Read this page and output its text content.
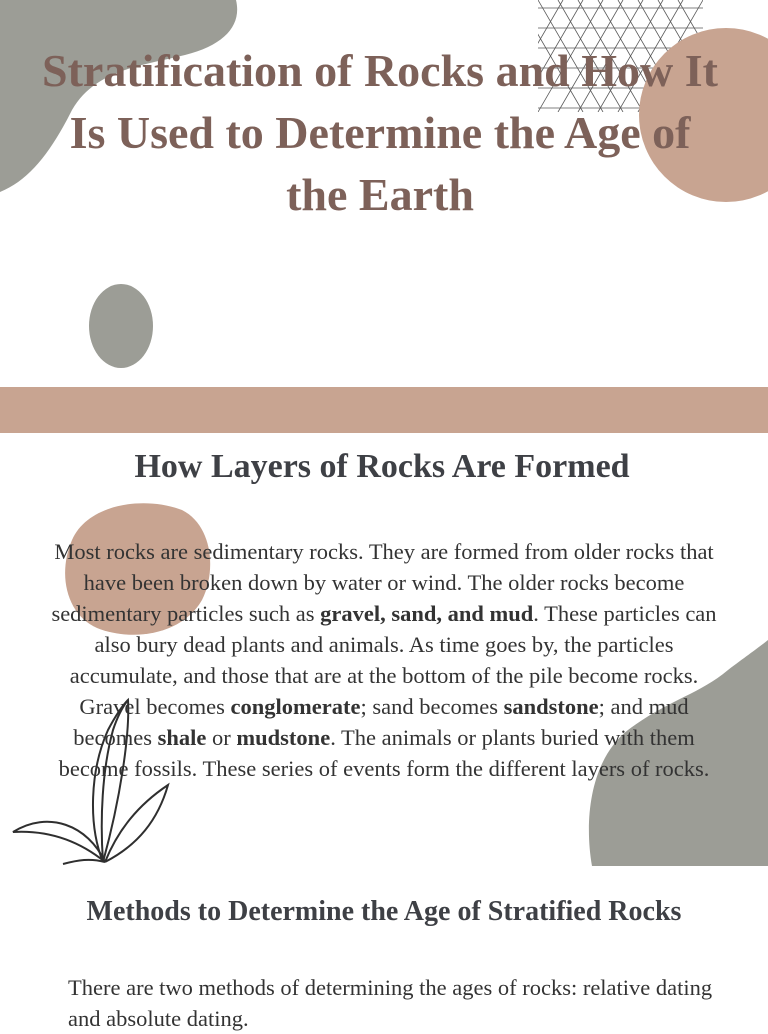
Stratification of Rocks and How It Is Used to Determine the Age of the Earth
How Layers of Rocks Are Formed

Most rocks are sedimentary rocks. They are formed from older rocks that have been broken down by water or wind. The older rocks become sedimentary particles such as gravel, sand, and mud. These particles can also bury dead plants and animals. As time goes by, the particles accumulate, and those that are at the bottom of the pile become rocks. Gravel becomes conglomerate; sand becomes sandstone; and mud becomes shale or mudstone. The animals or plants buried with them become fossils. These series of events form the different layers of rocks.

Methods to Determine the Age of Stratified Rocks

There are two methods of determining the ages of rocks: relative dating and absolute dating.
